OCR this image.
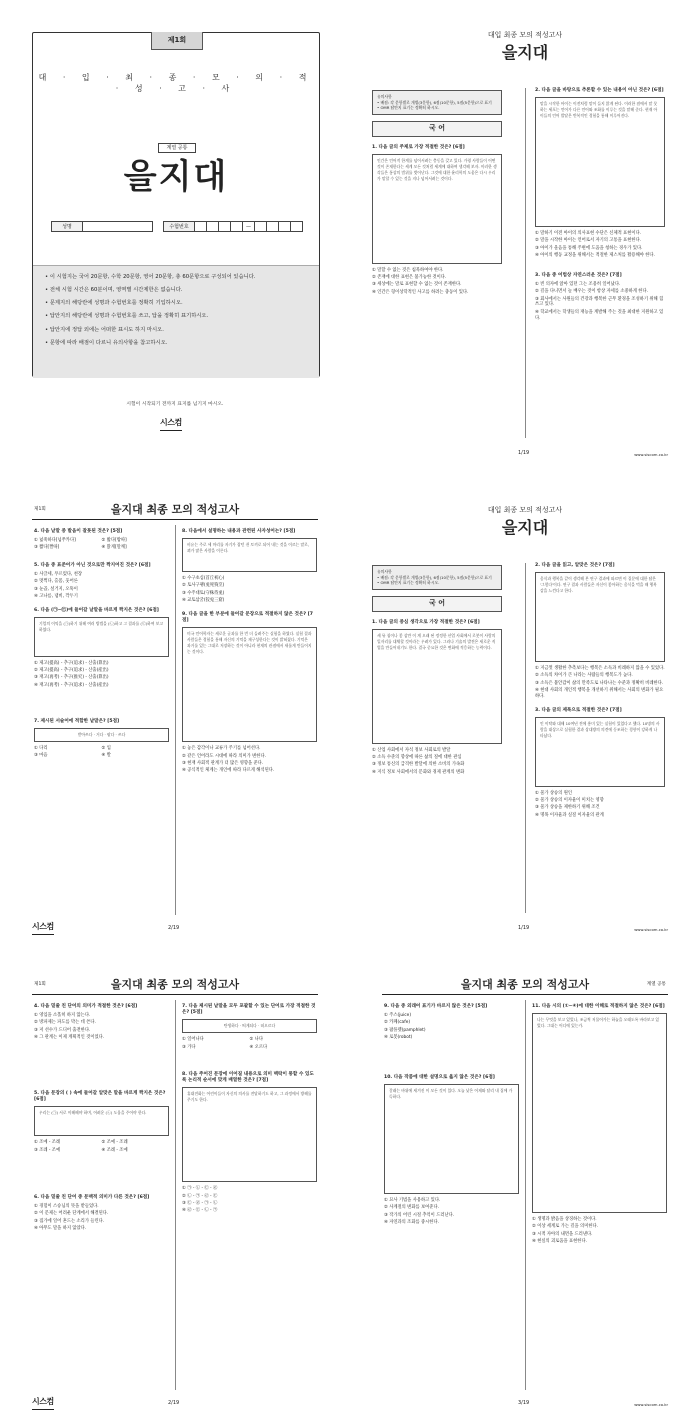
제1회
대 · 입 · 최 · 종 · 모 · 의 · 적 · 성 · 고 · 사
계열 공통
을지대
성명	수험번호	—
• 이 시험지는 국어 20문항, 수학 20문항, 영어 20문항, 총 60문항으로 구성되어 있습니다.
• 전체 시험 시간은 60분이며, 영역별 시간제한은 없습니다.
• 문제지의 해당란에 성명과 수험번호를 정확히 기입하시오.
• 답안지의 해당란에 성명과 수험번호를 쓰고, 답을 정확히 표기하시오.
• 답안지에 정답 외에는 어떠한 표시도 하지 마시오.
• 문항에 따라 배점이 다르니 유의사항을 참고하시오.
시험이 시작되기 전까지 표지를 넘기지 마시오.
시스컴
대입 최종 모의 적성고사
을지대
유의사항
• 배점: 각 문항별로 개별(3문항), 6점(10문항), 5점(5문항)으로 표기
• OMR 답안지 표기는 정확히 하시오.
국 어
1. 다음 글의 주제로 가장 적절한 것은? [6점]
인간은 언어적 한계를 넘어서려는 충동을 갖고 있다. 가령 사람들이 어떤 것이 존재한다는 세계 모든 것처럼 세계에 대하여 생각해 보자. 이러한 생각들은 통상의 범위를 벗어난다. 그것에 대한 윤리학의 도움은 다시 우리가 말할 수 있는 것을 지나 넘어서려는 것이다.
① 말할 수 없는 것은 침묵하여야 한다.
② 존재에 대한 표현은 불가능한 것이다.
③ 세상에는 말로 표현할 수 없는 것이 존재한다.
④ 인간은 형이상학적인 사고를 하려는 충동이 있다.
2. 다음 글을 바탕으로 추론할 수 있는 내용이 아닌 것은? [6점]
말을 시작한 아이는 이전처럼 말이 들지 않게 된다. 이러한 점에서 말 못하는 세포는 언어가 다른 언어와 조화를 이루는 것을 말해 준다. 현재 아이들의 언어 발달은 반복적인 경험을 통해 이루어진다.
① 말하기 이전 아이의 의사표현 수단은 신체적 표현이다.
② 말을 시작한 아이는 언어로서 자기의 고통을 표현한다.
③ 아이가 울음을 통해 주변에 도움을 청하는 경우가 있다.
④ 아이의 행동 교정을 위해서는 적절한 제스처를 활용해야 한다.
3. 다음 중 어법상 자연스러운 것은? [7점]
① 빈 의자에 앉아 있던 그는 조용히 일어났다.
② 길을 다니면서 늘 배우는 것이 항상 자세를 소중하게 한다.
③ 회사에서는 사원들의 건강과 행복한 근무 환경을 조성하기 위해 힘쓰고 있다.
④ 학교에서는 학생들의 재능을 계발해 주는 것을 최대한 지원하고 있다.
1/19	www.siscom.co.kr
제1회	을지대 최종 모의 적성고사
4. 다음 낱말 중 발음이 잘못된 것은? [5점]
① 넓죽하다[넙쭈카다]	② 밟다[밥따]
③ 짧다[짤따]	④ 맑게[말께]
5. 다음 중 표준어가 아닌 것으로만 짝지어진 것은? [6점]
① 사글세, 푸르렀다, 천장
② 멋쩍다, 홑몸, 웃어른
③ 눈곱, 설거지, 오뚝이
④ 고나름, 냄비, 깍두기
6. 다음 (㉠~㉢)에 들어갈 낱말을 바르게 짝지은 것은? [6점]
기업의 이익을 (㉠)하기 위해 여러 방법을 (㉡)하고 그 결과를 (㉢)하여 보고하였다.
① 제고(提高) - 추구(追求) - 산출(算出)
② 제고(提高) - 추구(追求) - 산출(産出)
③ 재고(再考) - 추구(推究) - 산출(算出)
④ 재고(再考) - 추구(追求) - 산출(産出)
7. 제시된 서술어에 적합한 낱말은? [5점]
받아쓰다 · 거다 · 팔다 · 쓰다
① 다리	② 입
③ 마음	④ 발
8. 다음에서 설명하는 내용과 관련된 사자성어는? [5점]
비유는 주로 세 마리를 자기가 잡던 쉰 토끼로 되어 내는 것을 이르는 말로, 꾀가 많은 사람을 이른다.
① 수구초심(首丘初心)
② 토사구팽(兎死狗烹)
③ 수주대토(守株待兎)
④ 교토삼굴(狡兎三窟)
9. 다음 글을 한 부분에 들어갈 문장으로 적절하지 않은 것은? [7점]
미국 언어학자는 새로운 글과를 한 번 더 들려주는 실험을 하였다. 실험 결과 사람들은 경험을 통해 자신의 기억을 재구성한다는 것이 밝혀졌다. 기억은 과거를 있는 그대로 저장하는 것이 아니라 현재의 관점에서 새롭게 만들어지는 것이다.
① 놓은 감각이나 교류가 주기를 넘어선다.
② 같은 언어라도 시대에 따라 의미가 변한다.
③ 현재 사회적 관계가 더 많은 영향을 준다.
④ 공식적인 체계는 개인에 따라 다르게 해석된다.
시스컴	2/19
대입 최종 모의 적성고사
을지대
유의사항
• 배점: 각 문항별로 개별(3문항), 6점(10문항), 5점(5문항)으로 표기
• OMR 답안지 표기는 정확히 하시오.
국 어
1. 다음 글의 중심 생각으로 가장 적절한 것은? [6점]
새 뮤 칩이나 좋 삼만 이 계 오래 된 정정한 산업 사회에서 로봇이 사람의 일자리를 대체할 것이라는 우려가 있다. 그러나 기술의 발전은 새로운 직업을 만들어내기도 한다. 결국 중요한 것은 변화에 적응하는 능력이다.
① 산업 사회에서 자석 정보 사회로의 발달
② 소득 수준의 향상에 따른 삶의 질에 대한 관심
③ 정보 통신의 급격한 발달에 의한 소비의 가속화
④ 지식 정보 사회에서의 문화와 경제 관계의 변화
2. 다음 글을 읽고, 알맞은 것은? [7점]
음식과 행복을 같이 생각해 본 연구 결과에 따르면 이 질문에 대한 답은 '그렇다'이다. 연구 결과 사람들은 자신이 좋아하는 음식을 먹을 때 행복감을 느낀다고 한다.
① 지금껏 생활한 추측보다는 행복은 소득과 비례하지 않을 수 있었다.
② 소득의 차이가 큰 나라는 사람들의 행복도가 높다.
③ 소득은 불안감이 삶의 만족도로 나타나는 수준과 정확히 비례한다.
④ 현대 사회의 개인적 행복을 개선하기 위해서는 사회의 변화가 필요하다.
3. 다음 글의 제목으로 적절한 것은? [7점]
인 이탁와 대해 10여년 전에 흥미 있는 실험이 있었다고 했다. 10명의 사람을 대상으로 실험한 결과 상대방의 의견에 동조하는 경향이 강하게 나타났다.
① 물가 상승의 원인
② 물가 상승의 이자율이 미치는 영향
③ 물가 상승을 제한하기 위해 조건
④ 명목 이자율과 실질 이자율의 관계
1/19	www.siscom.co.kr
제1회	을지대 최종 모의 적성고사
4. 다음 밑줄 친 단어의 의미가 적절한 것은? [6점]
① 영입을 소홀히 하지 않는다.
② 방파제는 파도를 막는 데 쓴다.
③ 저 선수가 드디어 출전한다.
④ 그 관계는 이제 계획적인 것이었다.
5. 다음 문장의 ( ) 속에 들어갈 알맞은 말을 바르게 짝지은 것은? [6점]
우리는 (㉠) 서로 이해해야 하며, 어려운 (㉡) 도움을 주어야 한다.
① 조예 - 조례	② 조예 - 조례
③ 조례 - 조예	④ 조례 - 조예
6. 다음 밑줄 친 단어 중 문맥적 의미가 다른 것은? [6점]
① 경험이 스승님의 뜻을 받들었다.
② 이 문제는 어려운 단계에서 해결된다.
③ 집가에 일어 흔드는 소리가 들린다.
④ 아무도 말을 하지 않았다.
7. 다음 제시된 낱말을 모두 포괄할 수 있는 단어로 가장 적절한 것은? [5점]
탄생하다 · 띄게되다 · 떠오르다
① 일어나다	② 나다
③ 가다	④ 오르다
8. 다음 주어진 문장에 이어질 내용으로 의미 맥락이 통할 수 있도록 논리적 순서에 맞게 배열한 것은? [7점]
휴대전화는 어린이들이 자신의 의사를 전달하기도 하고, 그 과정에서 방해를 주기도 한다.
① ㉠ - ㉡ - ㉢ - ㉣
② ㉡ - ㉠ - ㉣ - ㉢
③ ㉢ - ㉣ - ㉠ - ㉡
④ ㉣ - ㉢ - ㉡ - ㉠
시스컴	2/19
을지대 최종 모의 적성고사	계열 공통
9. 다음 중 외래어 표기가 바르지 않은 것은? [5점]
① 주스(juice)
② 카페(cafe)
③ 팜플렛(pamphlet)
④ 로봇(robot)
10. 다음 작품에 대한 설명으로 옳지 않은 것은? [6점]
갈래는 바위에 새겨진 이 모든 것이 있다. 오늘 낮은 어제와 달리 내 집에 가득하다.
① 묘사 기법을 사용하고 있다.
② 사계절의 변화를 보여준다.
③ 작가의 어린 시절 추억이 드러난다.
④ 자연과의 조화를 중시한다.
11. 다음 시의 (①~④)에 대한 이해로 적절하지 않은 것은? [6점]
나는 무엇을 보고 있었나, 조금씩 저물어가는 하늘을 오래도록 바라보고 있었다. 그대는 어디에 있는가.
① 생명과 밝음을 상징하는 것이다.
② 이상 세계로 가는 길을 의미한다.
③ 시적 자아의 내면을 드러낸다.
④ 현실의 괴로움을 표현한다.
3/19	www.siscom.co.kr
